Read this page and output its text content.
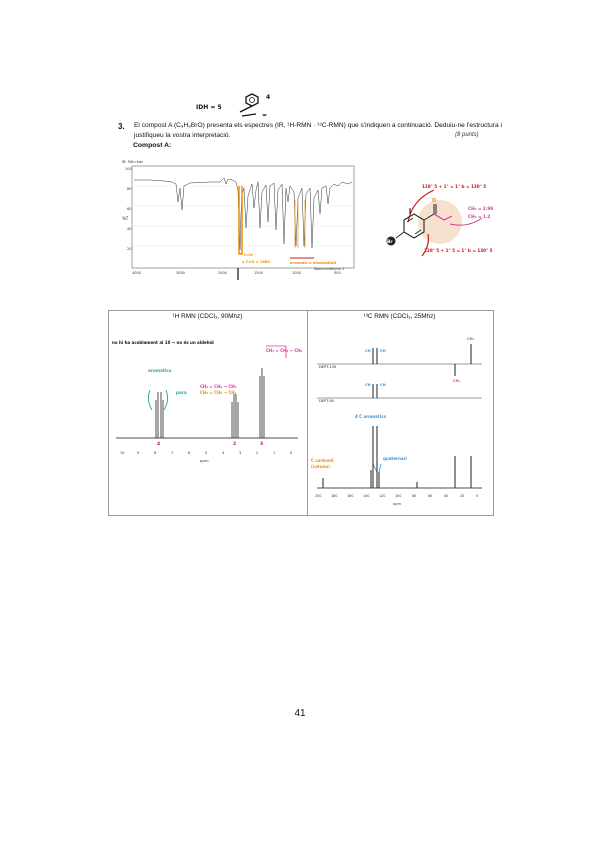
IDH = 5
4
=
3. El compost A (C₉H₉BrO) presenta els espectres (IR, ¹H-RMN · ¹³C-RMN) que s'indiquen a continuació. Deduiu-ne l'estructura i justifiqueu la vostra interpretació.	(8 punts)
Compost A:
IR: 50h rhdc
%T
100
80
60
40
20
C=O
ν C=O = 1680	aromatic o disubstituit
4000	3000	2000	1500	1000	500
Wavenumber/cm-1
Br
O
128° 5 + 1° = 1° b = 130° 5
CH₂ = 2.98
CH₃ = 1.2
128° 5 + 1° 5 = 1° b = 130° 5
¹H RMN (CDCl₃, 90Mhz)
no hi ha acoblament al 10 → no és un aldehíd
aromatics
para
CH₂ = CH₂ → CH₃
CH₃ = CH₃ → CH₂
CH₃ = CH₃ → CH₂
4	2	3
10	9	8	7	6	5	4	3	2	1	0
ppm
¹³C RMN (CDCl₃, 25Mhz)
DEPT-135
CH	CH
CH₃
CH₂
DEPT-90
CH	CH
4 C aromatics
quaternari
C carbonil
(cetona)
200	180	160	140	120	100	80	60	40	20	0
ppm
41
